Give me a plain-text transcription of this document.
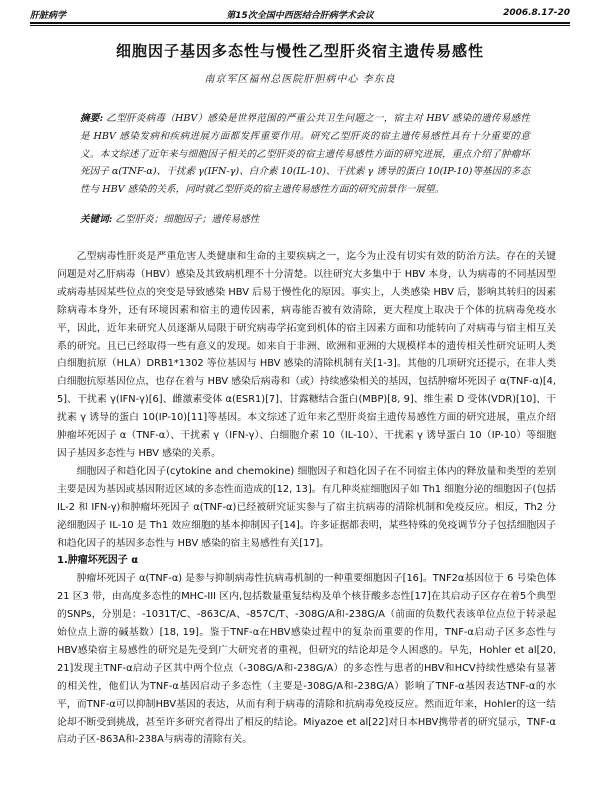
肝脏病学	第15次全国中西医结合肝病学术会议	2006.8.17-20
细胞因子基因多态性与慢性乙型肝炎宿主遗传易感性
南京军区福州总医院肝胆病中心 李东良
摘要: 乙型肝炎病毒（HBV）感染是世界范围的严重公共卫生问题之一，宿主对 HBV 感染的遗传易感性是 HBV 感染发病和疾病进展方面都发挥重要作用。研究乙型肝炎的宿主遗传易感性具有十分重要的意义。本文综述了近年来与细胞因子相关的乙型肝炎的宿主遗传易感性方面的研究进展，重点介绍了肿瘤坏死因子 α(TNF-α)、干扰素 γ(IFN-γ)、白介素 10(IL-10)、干扰素 γ 诱导的蛋白 10(IP-10)等基因的多态性与 HBV 感染的关系，同时就乙型肝炎的宿主遗传易感性方面的研究前景作一展望。
关键词: 乙型肝炎；细胞因子；遗传易感性

乙型病毒性肝炎是严重危害人类健康和生命的主要疾病之一，迄今为止没有切实有效的防治方法。存在的关键问题是对乙肝病毒（HBV）感染及其致病机理不十分清楚。以往研究大多集中于 HBV 本身，认为病毒的不同基因型或病毒基因某些位点的突变是导致感染 HBV 后易于慢性化的原因。事实上，人类感染 HBV 后，影响其转归的因素除病毒本身外，还有环境因素和宿主的遗传因素，病毒能否被有效清除，更大程度上取决于个体的抗病毒免疫水平，因此，近年来研究人员逐渐从局限于研究病毒学拓宽到机体的宿主因素方面和功能转向了对病毒与宿主相互关系的研究。且已已经取得一些有意义的发现。如来自于非洲、欧洲和亚洲的大规模样本的遗传相关性研究证明人类白细胞抗原（HLA）DRB1*1302 等位基因与 HBV 感染的清除机制有关[1-3]。其他的几项研究还提示，在非人类白细胞抗原基因位点，也存在着与 HBV 感染后病毒和（或）持续感染相关的基因，包括肿瘤坏死因子 α(TNF-α)[4, 5]、干扰素 γ(IFN-γ)[6]、雌激素受体 α(ESR1)[7]、甘露糖结合蛋白(MBP)[8, 9]、维生素 D 受体(VDR)[10]、干扰素 γ 诱导的蛋白 10(IP-10)[11]等基因。本文综述了近年来乙型肝炎宿主遗传易感性方面的研究进展，重点介绍肿瘤坏死因子 α（TNF-α）、干扰素 γ（IFN-γ）、白细胞介素 10（IL-10）、干扰素 γ 诱导蛋白 10（IP-10）等细胞因子基因多态性与 HBV 感染的关系。

细胞因子和趋化因子(cytokine and chemokine) 细胞因子和趋化因子在不同宿主体内的释放量和类型的差别主要是因为基因或基因附近区域的多态性而造成的[12, 13]。有几种炎症细胞因子如 Th1 细胞分泌的细胞因子(包括 IL-2 和 IFN-γ)和肿瘤坏死因子 α(TNF-α)已经被研究证实参与了宿主抗病毒的清除机制和免疫反应。相反，Th2 分泌细胞因子 IL-10 是 Th1 效应细胞的基本抑制因子[14]。许多证据都表明，某些特殊的免疫调节分子包括细胞因子和趋化因子的基因多态性与 HBV 感染的宿主易感性有关[17]。

1.肿瘤坏死因子 α

肿瘤坏死因子 α(TNF-α) 是参与抑制病毒性抗病毒机制的一种重要细胞因子[16]。TNF2α基因位于 6 号染色体21 区3 带，由高度多态性的MHC-III 区内,包括数量重复结构及单个核苷酸多态性[17]在其启动子区存在着5个典型的SNPs，分别是：-1031T/C、-863C/A、-857C/T、-308G/A和-238G/A（前面的负数代表该单位点位于转录起始位点上游的碱基数）[18, 19]。鉴于TNF-α在HBV感染过程中的复杂而重要的作用，TNF-α启动子区多态性与HBV感染宿主易感性的研究是先受到广大研究者的重视，但研究的结论却是令人困惑的。早先，Hohler et al[20, 21]发现主TNF-α启动子区其中两个位点（-308G/A和-238G/A）的多态性与患者的HBV和HCV持续性感染有显著的相关性，他们认为TNF-α基因启动子多态性（主要是-308G/A和-238G/A）影响了TNF-α基因表达TNF-α的水平，而TNF-α可以抑制HBV基因的表达，从而有利于病毒的清除和抗病毒免疫反应。然而近年来，Hohler的这一结论却不断受到挑战，甚至许多研究者得出了相反的结论。Miyazoe et al[22]对日本HBV携带者的研究显示，TNF-α启动子区-863A和-238A与病毒的清除有关。
